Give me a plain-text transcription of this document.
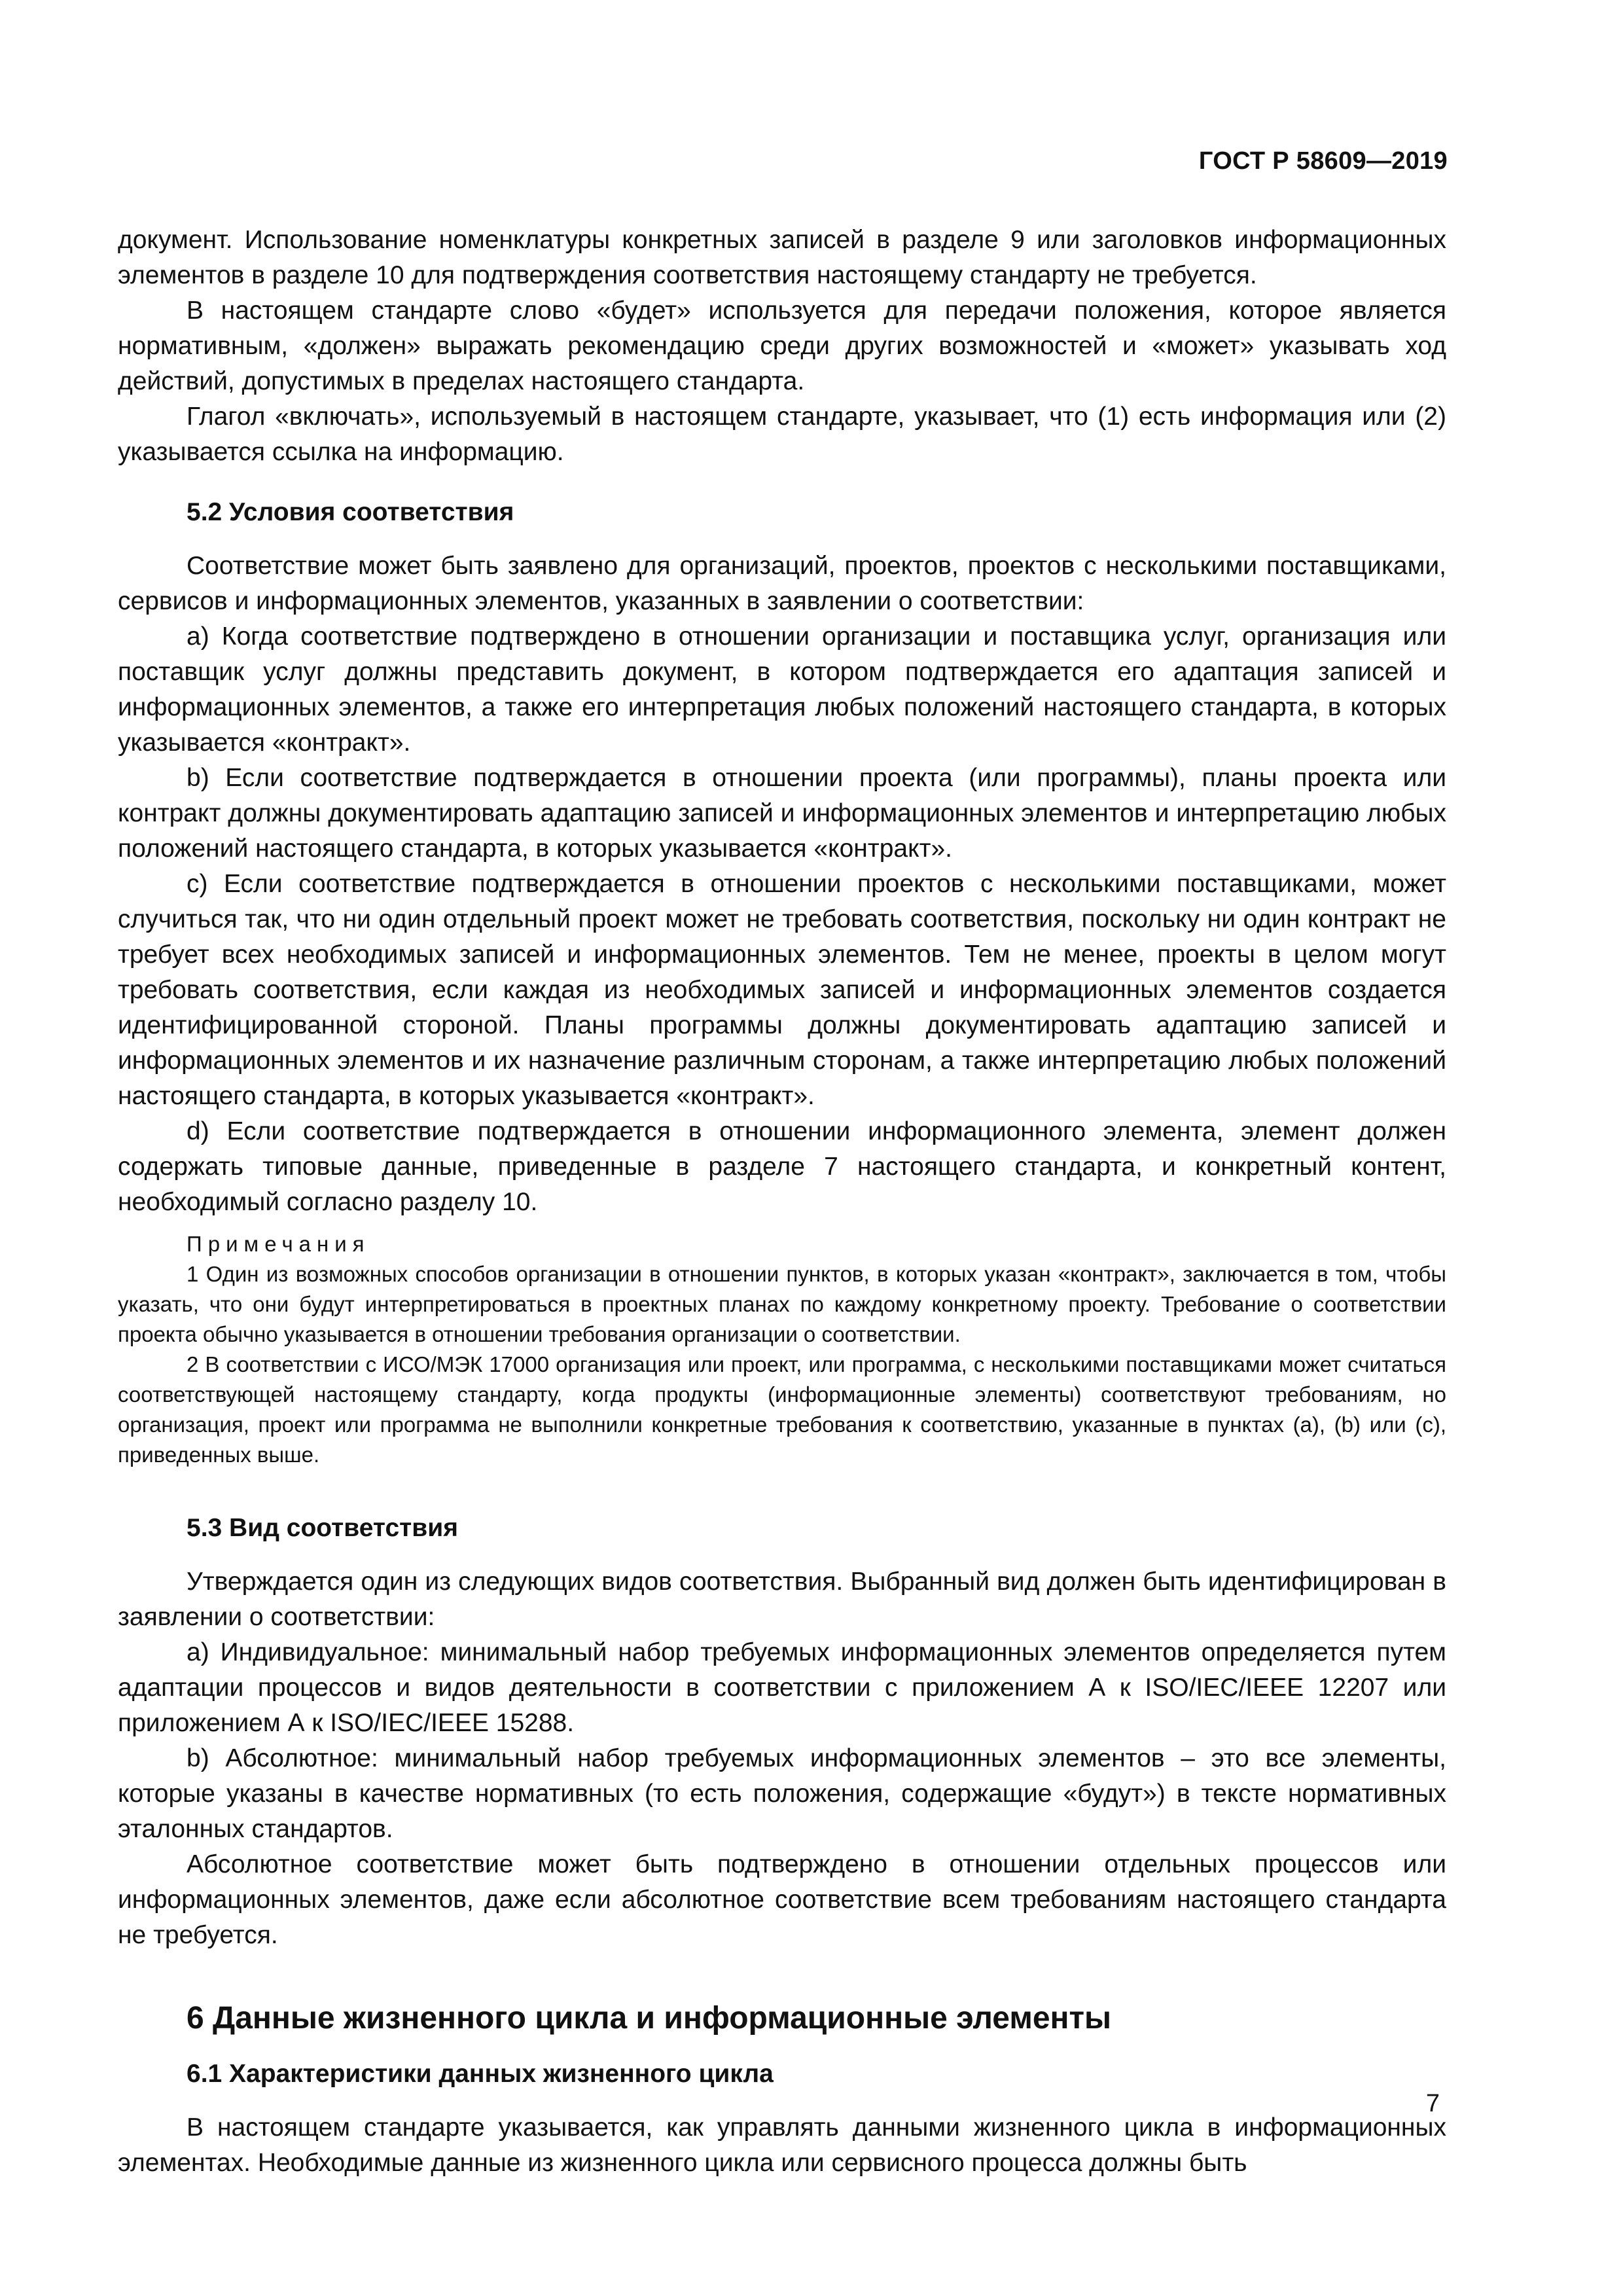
ГОСТ Р 58609—2019

документ. Использование номенклатуры конкретных записей в разделе 9 или заголовков информационных элементов в разделе 10 для подтверждения соответствия настоящему стандарту не требуется.

В настоящем стандарте слово «будет» используется для передачи положения, которое является нормативным, «должен» выражать рекомендацию среди других возможностей и «может» указывать ход действий, допустимых в пределах настоящего стандарта.

Глагол «включать», используемый в настоящем стандарте, указывает, что (1) есть информация или (2) указывается ссылка на информацию.

5.2 Условия соответствия

Соответствие может быть заявлено для организаций, проектов, проектов с несколькими поставщиками, сервисов и информационных элементов, указанных в заявлении о соответствии:

а) Когда соответствие подтверждено в отношении организации и поставщика услуг, организация или поставщик услуг должны представить документ, в котором подтверждается его адаптация записей и информационных элементов, а также его интерпретация любых положений настоящего стандарта, в которых указывается «контракт».

b) Если соответствие подтверждается в отношении проекта (или программы), планы проекта или контракт должны документировать адаптацию записей и информационных элементов и интерпретацию любых положений настоящего стандарта, в которых указывается «контракт».

с) Если соответствие подтверждается в отношении проектов с несколькими поставщиками, может случиться так, что ни один отдельный проект может не требовать соответствия, поскольку ни один контракт не требует всех необходимых записей и информационных элементов. Тем не менее, проекты в целом могут требовать соответствия, если каждая из необходимых записей и информационных элементов создается идентифицированной стороной. Планы программы должны документировать адаптацию записей и информационных элементов и их назначение различным сторонам, а также интерпретацию любых положений настоящего стандарта, в которых указывается «контракт».

d) Если соответствие подтверждается в отношении информационного элемента, элемент должен содержать типовые данные, приведенные в разделе 7 настоящего стандарта, и конкретный контент, необходимый согласно разделу 10.

Примечания

1 Один из возможных способов организации в отношении пунктов, в которых указан «контракт», заключается в том, чтобы указать, что они будут интерпретироваться в проектных планах по каждому конкретному проекту. Требование о соответствии проекта обычно указывается в отношении требования организации о соответствии.

2 В соответствии с ИСО/МЭК 17000 организация или проект, или программа, с несколькими поставщиками может считаться соответствующей настоящему стандарту, когда продукты (информационные элементы) соответствуют требованиям, но организация, проект или программа не выполнили конкретные требования к соответствию, указанные в пунктах (а), (b) или (с), приведенных выше.

5.3 Вид соответствия

Утверждается один из следующих видов соответствия. Выбранный вид должен быть идентифицирован в заявлении о соответствии:

а) Индивидуальное: минимальный набор требуемых информационных элементов определяется путем адаптации процессов и видов деятельности в соответствии с приложением А к ISO/IEC/IEEE 12207 или приложением А к ISO/IEC/IEEE 15288.

b) Абсолютное: минимальный набор требуемых информационных элементов – это все элементы, которые указаны в качестве нормативных (то есть положения, содержащие «будут») в тексте нормативных эталонных стандартов.

Абсолютное соответствие может быть подтверждено в отношении отдельных процессов или информационных элементов, даже если абсолютное соответствие всем требованиям настоящего стандарта не требуется.

6 Данные жизненного цикла и информационные элементы
6.1 Характеристики данных жизненного цикла

В настоящем стандарте указывается, как управлять данными жизненного цикла в информационных элементах. Необходимые данные из жизненного цикла или сервисного процесса должны быть

7
